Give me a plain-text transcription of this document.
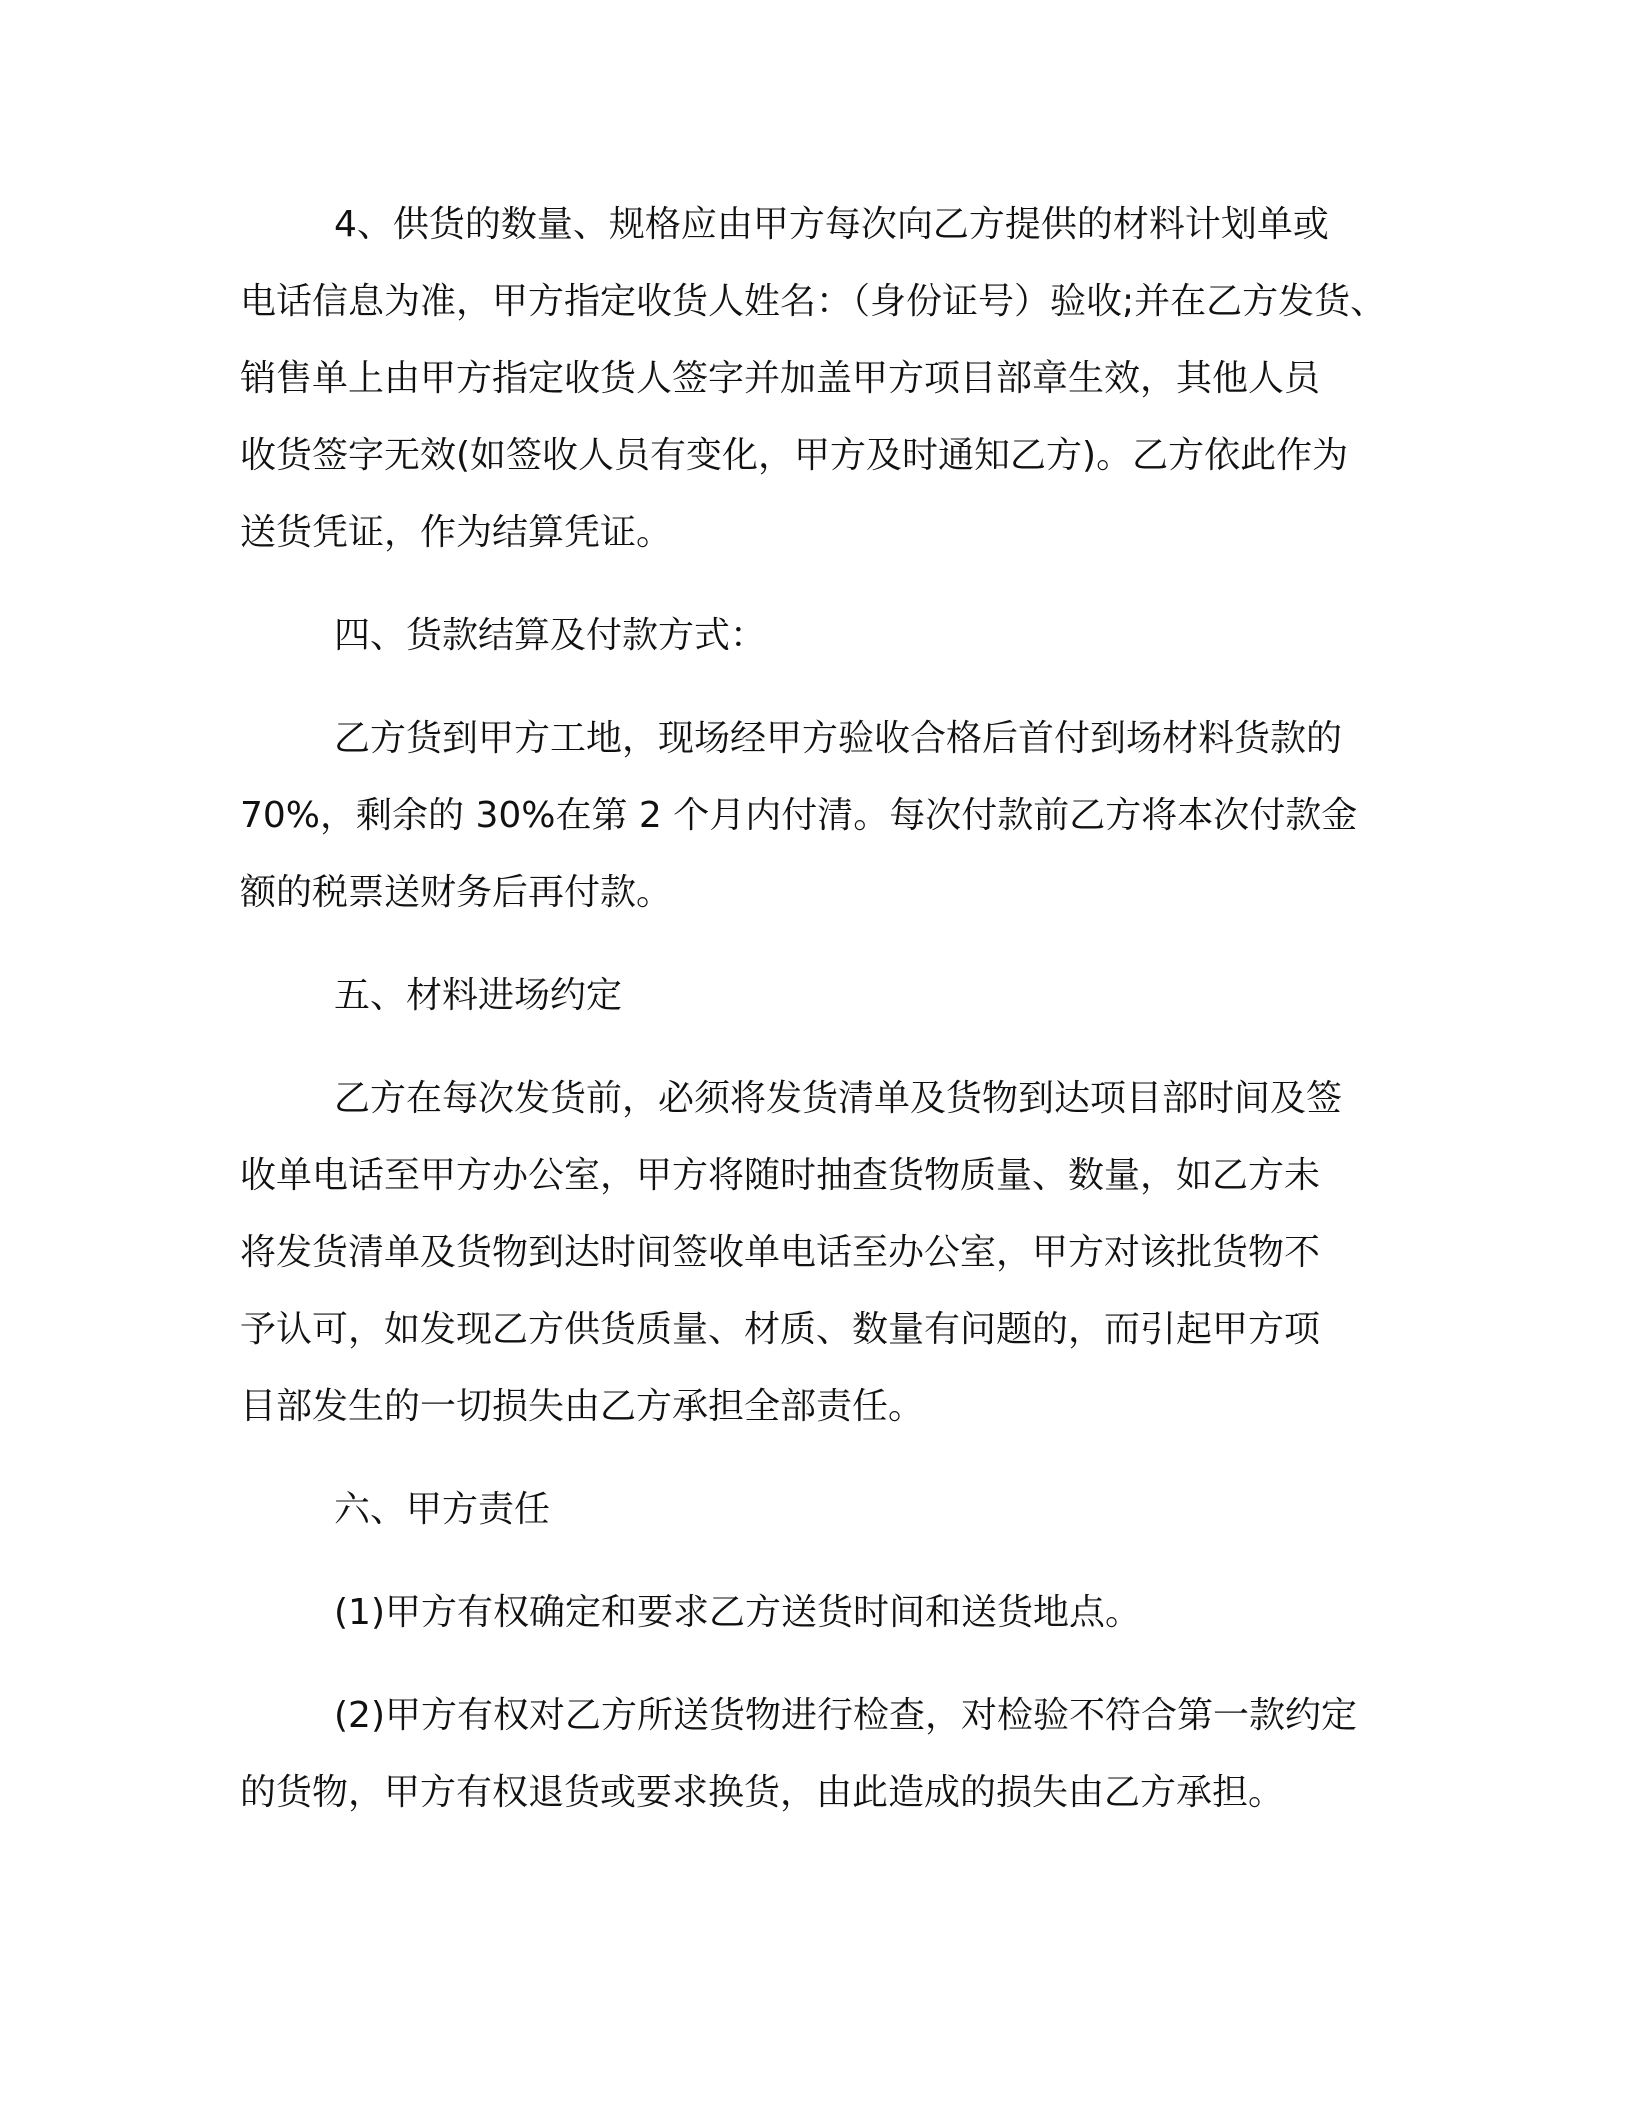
4、供货的数量、规格应由甲方每次向乙方提供的材料计划单或
电话信息为准，甲方指定收货人姓名：（身份证号）验收;并在乙方发货、
销售单上由甲方指定收货人签字并加盖甲方项目部章生效，其他人员
收货签字无效(如签收人员有变化，甲方及时通知乙方)。乙方依此作为
送货凭证，作为结算凭证。

四、货款结算及付款方式：

乙方货到甲方工地，现场经甲方验收合格后首付到场材料货款的
70%，剩余的 30%在第 2 个月内付清。每次付款前乙方将本次付款金
额的税票送财务后再付款。

五、材料进场约定

乙方在每次发货前，必须将发货清单及货物到达项目部时间及签
收单电话至甲方办公室，甲方将随时抽查货物质量、数量，如乙方未
将发货清单及货物到达时间签收单电话至办公室，甲方对该批货物不
予认可，如发现乙方供货质量、材质、数量有问题的，而引起甲方项
目部发生的一切损失由乙方承担全部责任。

六、甲方责任

(1)甲方有权确定和要求乙方送货时间和送货地点。

(2)甲方有权对乙方所送货物进行检查，对检验不符合第一款约定
的货物，甲方有权退货或要求换货，由此造成的损失由乙方承担。
